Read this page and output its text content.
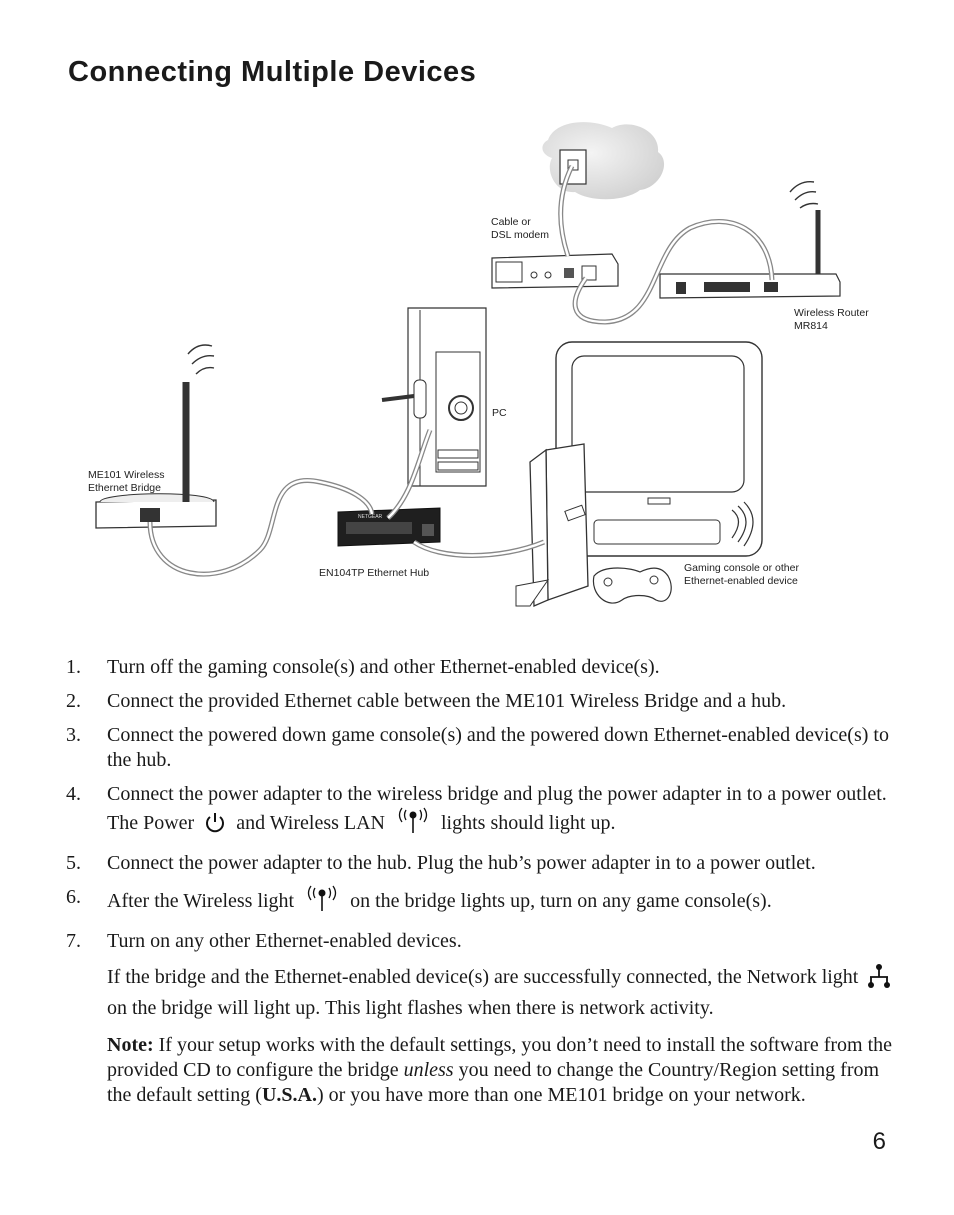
Connecting Multiple Devices
NETGEAR
Cable or
DSL modem
Wireless Router
MR814
PC
ME101 Wireless
Ethernet Bridge
EN104TP Ethernet Hub	Gaming console or other
Ethernet-enabled device
1.	Turn off the gaming console(s) and other Ethernet-enabled device(s).
2.	Connect the provided Ethernet cable between the ME101 Wireless Bridge and a hub.
3.	Connect the powered down game console(s) and the powered down Ethernet-enabled device(s) to the hub.
4.	Connect the power adapter to the wireless bridge and plug the power adapter in to a power outlet. The Power and Wireless LAN	lights should light up.
5.	Connect the power adapter to the hub. Plug the hub’s power adapter in to a power outlet.
6.	After the Wireless light	on the bridge lights up, turn on any game console(s).
7.	Turn on any other Ethernet-enabled devices.
If the bridge and the Ethernet-enabled device(s) are successfully connected, the Network light  on the bridge will light up. This light flashes when there is network activity.
Note: If your setup works with the default settings, you don’t need to install the software from the provided CD to configure the bridge unless you need to change the Country/Region setting from the default setting (U.S.A.) or you have more than one ME101 bridge on your network.
6
